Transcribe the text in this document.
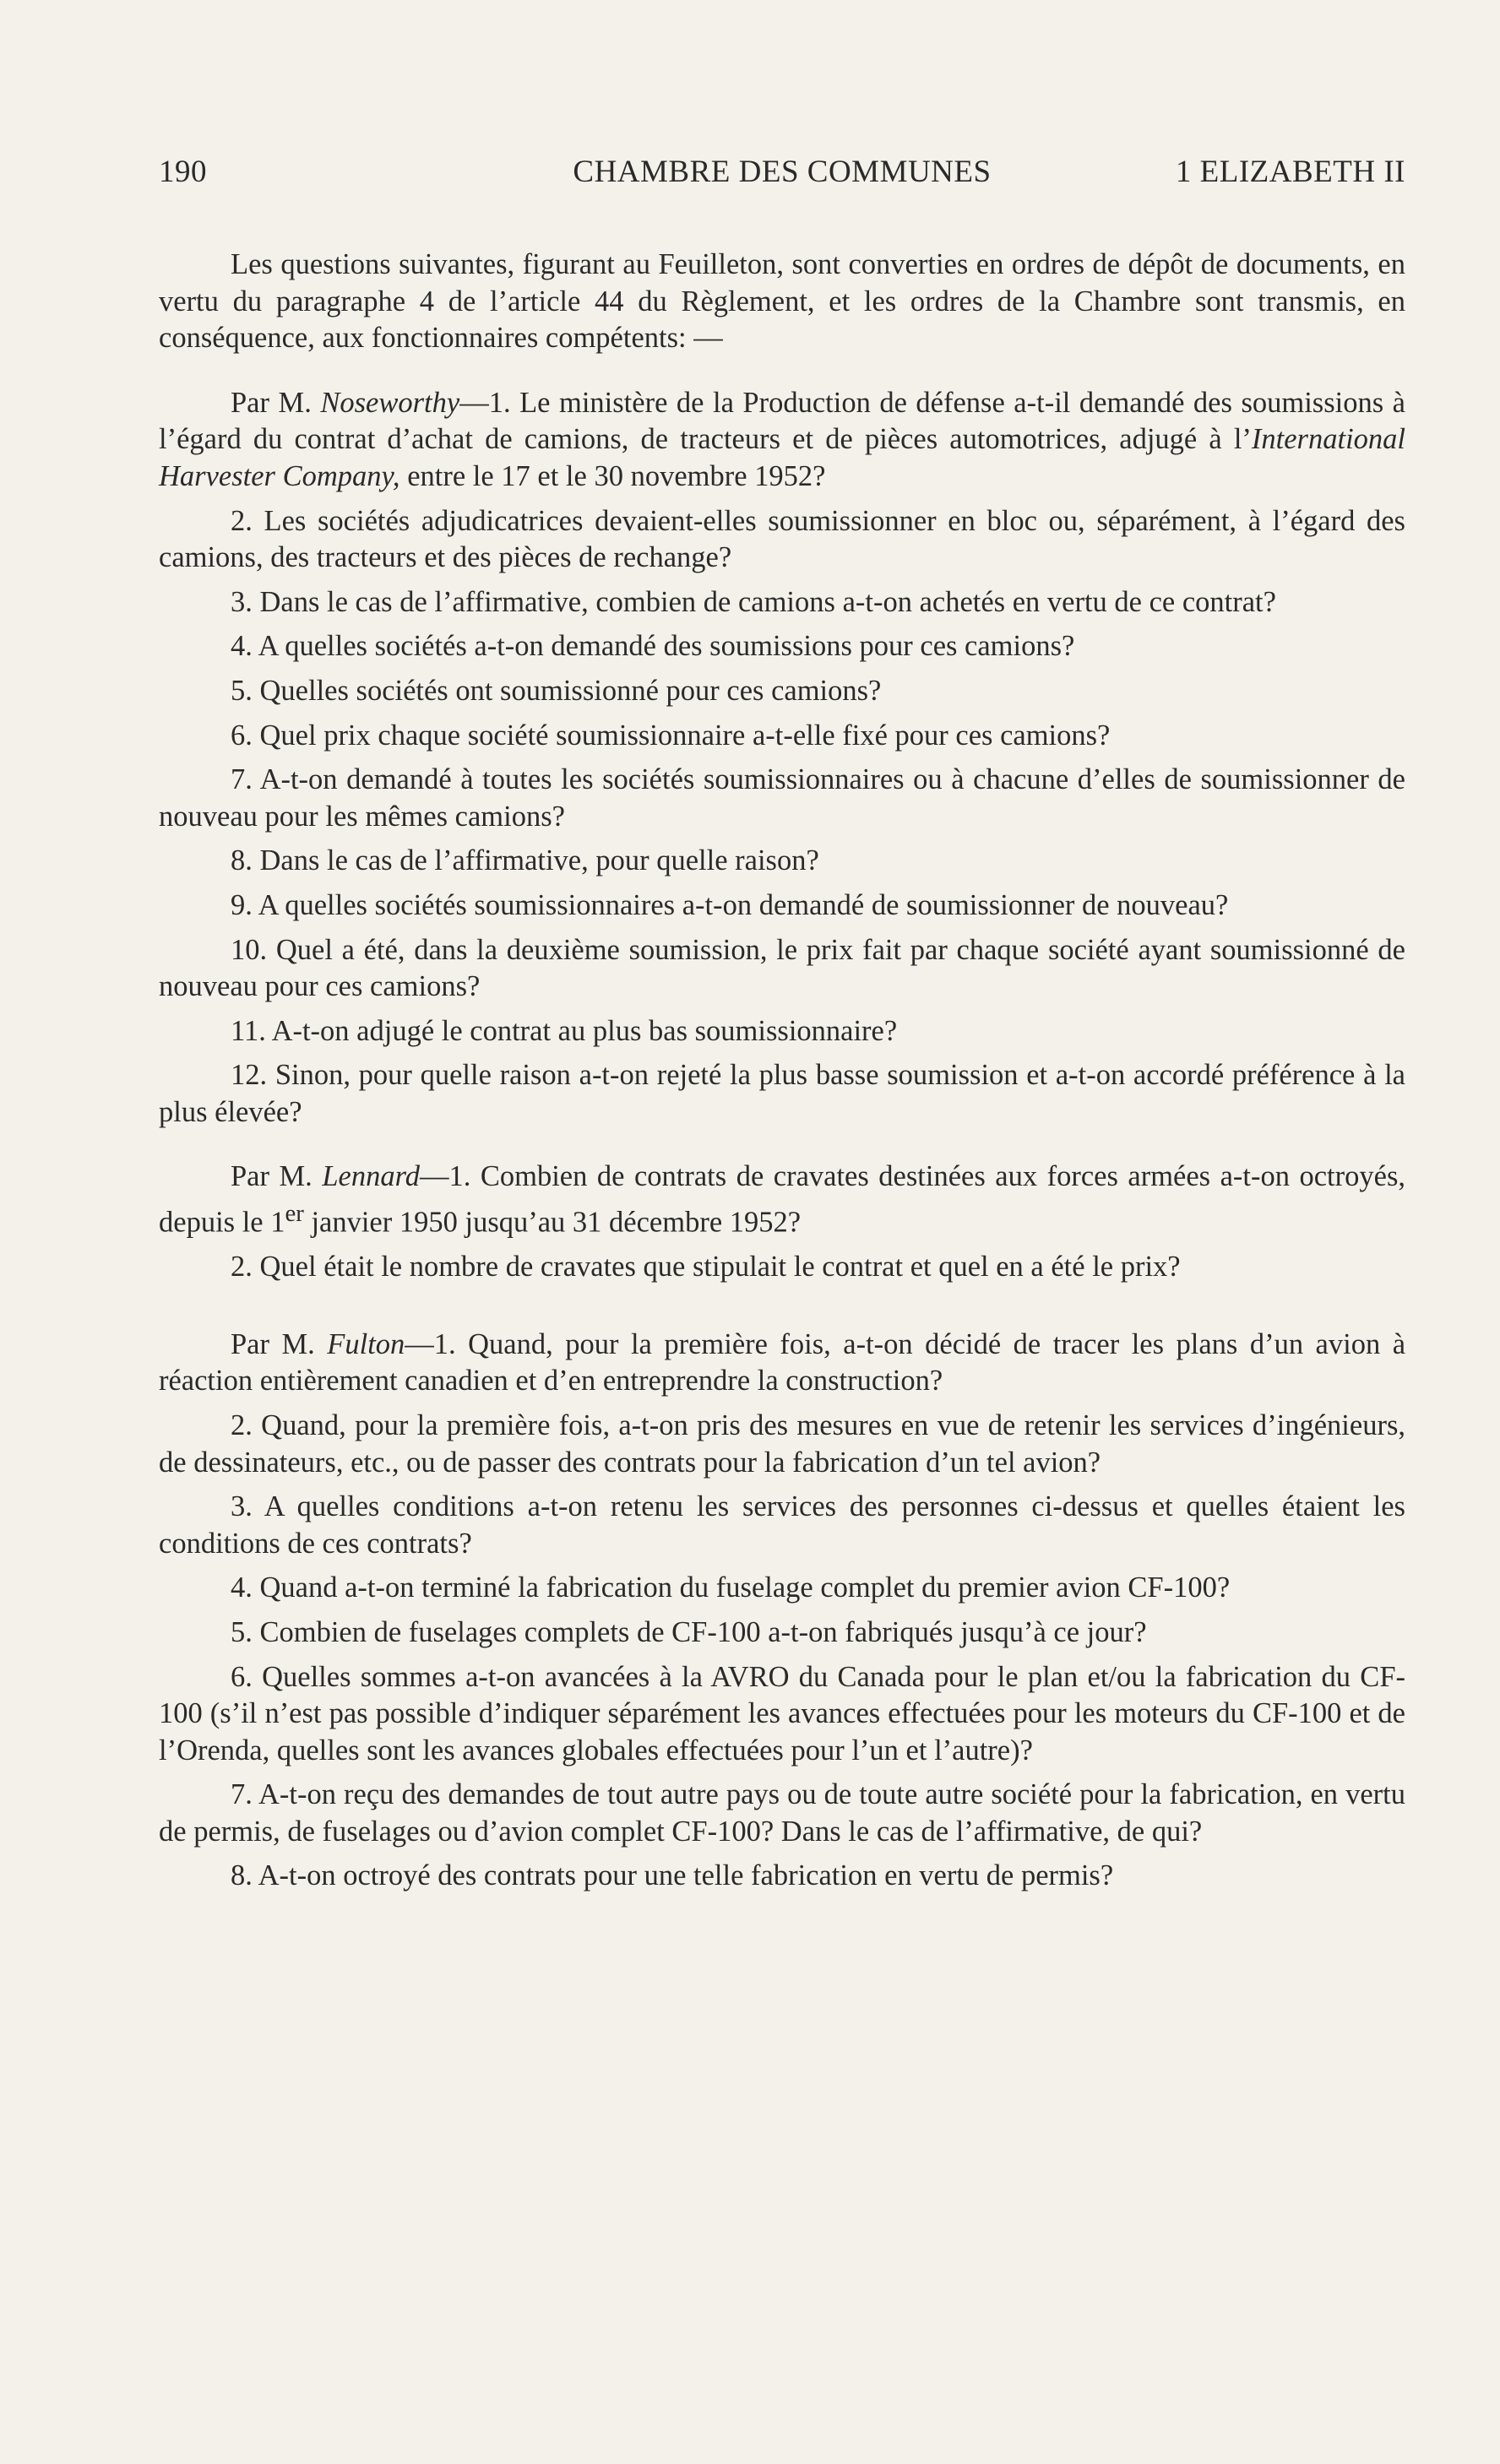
190	CHAMBRE DES COMMUNES	1 ELIZABETH II

Les questions suivantes, figurant au Feuilleton, sont converties en ordres de dépôt de documents, en vertu du paragraphe 4 de l’article 44 du Règlement, et les ordres de la Chambre sont transmis, en conséquence, aux fonctionnaires compétents: —

Par M. Noseworthy—1. Le ministère de la Production de défense a-t-il demandé des soumissions à l’égard du contrat d’achat de camions, de tracteurs et de pièces automotrices, adjugé à l’International Harvester Company, entre le 17 et le 30 novembre 1952?

2. Les sociétés adjudicatrices devaient-elles soumissionner en bloc ou, séparément, à l’égard des camions, des tracteurs et des pièces de rechange?

3. Dans le cas de l’affirmative, combien de camions a-t-on achetés en vertu de ce contrat?

4. A quelles sociétés a-t-on demandé des soumissions pour ces camions?

5. Quelles sociétés ont soumissionné pour ces camions?

6. Quel prix chaque société soumissionnaire a-t-elle fixé pour ces camions?

7. A-t-on demandé à toutes les sociétés soumissionnaires ou à chacune d’elles de soumissionner de nouveau pour les mêmes camions?

8. Dans le cas de l’affirmative, pour quelle raison?

9. A quelles sociétés soumissionnaires a-t-on demandé de soumissionner de nouveau?

10. Quel a été, dans la deuxième soumission, le prix fait par chaque société ayant soumissionné de nouveau pour ces camions?

11. A-t-on adjugé le contrat au plus bas soumissionnaire?

12. Sinon, pour quelle raison a-t-on rejeté la plus basse soumission et a-t-on accordé préférence à la plus élevée?

Par M. Lennard—1. Combien de contrats de cravates destinées aux forces armées a-t-on octroyés, depuis le 1er janvier 1950 jusqu’au 31 décembre 1952?

2. Quel était le nombre de cravates que stipulait le contrat et quel en a été le prix?

Par M. Fulton—1. Quand, pour la première fois, a-t-on décidé de tracer les plans d’un avion à réaction entièrement canadien et d’en entreprendre la construction?

2. Quand, pour la première fois, a-t-on pris des mesures en vue de retenir les services d’ingénieurs, de dessinateurs, etc., ou de passer des contrats pour la fabrication d’un tel avion?

3. A quelles conditions a-t-on retenu les services des personnes ci-dessus et quelles étaient les conditions de ces contrats?

4. Quand a-t-on terminé la fabrication du fuselage complet du premier avion CF-100?

5. Combien de fuselages complets de CF-100 a-t-on fabriqués jusqu’à ce jour?

6. Quelles sommes a-t-on avancées à la AVRO du Canada pour le plan et/ou la fabrication du CF-100 (s’il n’est pas possible d’indiquer séparément les avances effectuées pour les moteurs du CF-100 et de l’Orenda, quelles sont les avances globales effectuées pour l’un et l’autre)?

7. A-t-on reçu des demandes de tout autre pays ou de toute autre société pour la fabrication, en vertu de permis, de fuselages ou d’avion complet CF-100? Dans le cas de l’affirmative, de qui?

8. A-t-on octroyé des contrats pour une telle fabrication en vertu de permis?
